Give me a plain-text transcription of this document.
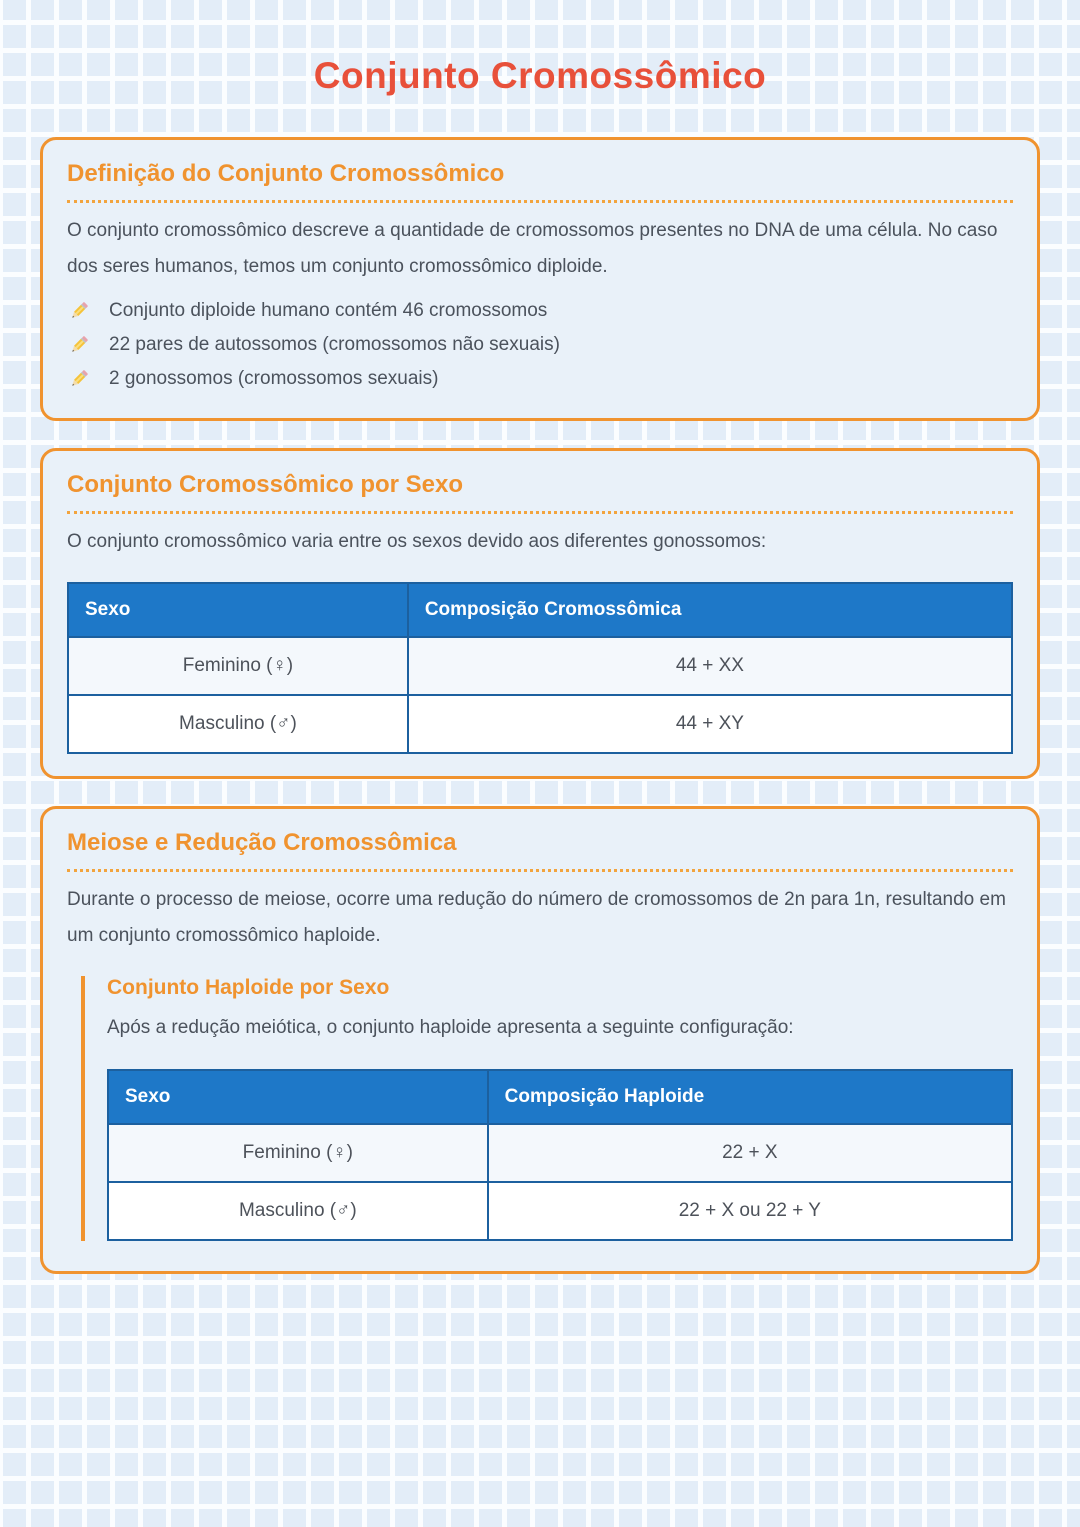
Conjunto Cromossômico
Definição do Conjunto Cromossômico

O conjunto cromossômico descreve a quantidade de cromossomos presentes no DNA de uma célula. No caso dos seres humanos, temos um conjunto cromossômico diploide.

Conjunto diploide humano contém 46 cromossomos
22 pares de autossomos (cromossomos não sexuais)
2 gonossomos (cromossomos sexuais)
Conjunto Cromossômico por Sexo

O conjunto cromossômico varia entre os sexos devido aos diferentes gonossomos:

Sexo	Composição Cromossômica
Feminino (♀)	44 + XX
Masculino (♂)	44 + XY
Meiose e Redução Cromossômica

Durante o processo de meiose, ocorre uma redução do número de cromossomos de 2n para 1n, resultando em um conjunto cromossômico haploide.

Conjunto Haploide por Sexo

Após a redução meiótica, o conjunto haploide apresenta a seguinte configuração:

Sexo	Composição Haploide
Feminino (♀)	22 + X
Masculino (♂)	22 + X ou 22 + Y
